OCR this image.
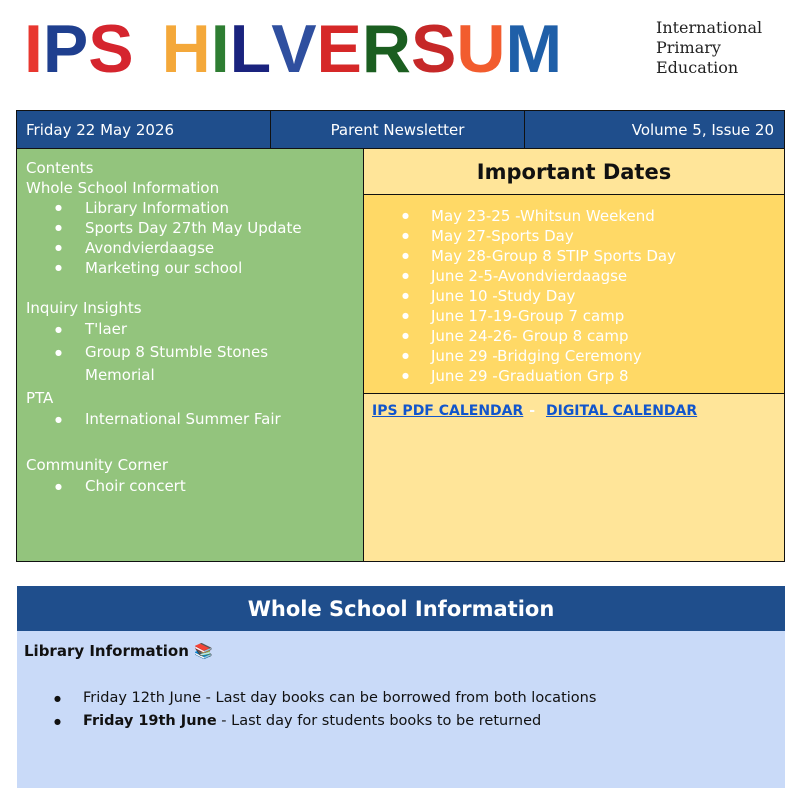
I P S H I L V E R S U M	International
Primary
Education
Friday 22 May 2026	Parent Newsletter	Volume 5, Issue 20
Contents
Whole School Information
● Library Information
● Sports Day 27th May Update
● Avondvierdaagse
● Marketing our school
Inquiry Insights
● T'laer
● Group 8 Stumble Stones Memorial
PTA
● International Summer Fair
Community Corner
● Choir concert
Important Dates
● May 23-25 -Whitsun Weekend
● May 27-Sports Day
● May 28-Group 8 STIP Sports Day
● June 2-5-Avondvierdaagse
● June 10 -Study Day
● June 17-19-Group 7 camp
● June 24-26- Group 8 camp
● June 29 -Bridging Ceremony
● June 29 -Graduation Grp 8
IPS PDF CALENDAR - DIGITAL CALENDAR
Whole School Information
Library Information 📚
● Friday 12th June - Last day books can be borrowed from both locations
● Friday 19th June - Last day for students books to be returned
